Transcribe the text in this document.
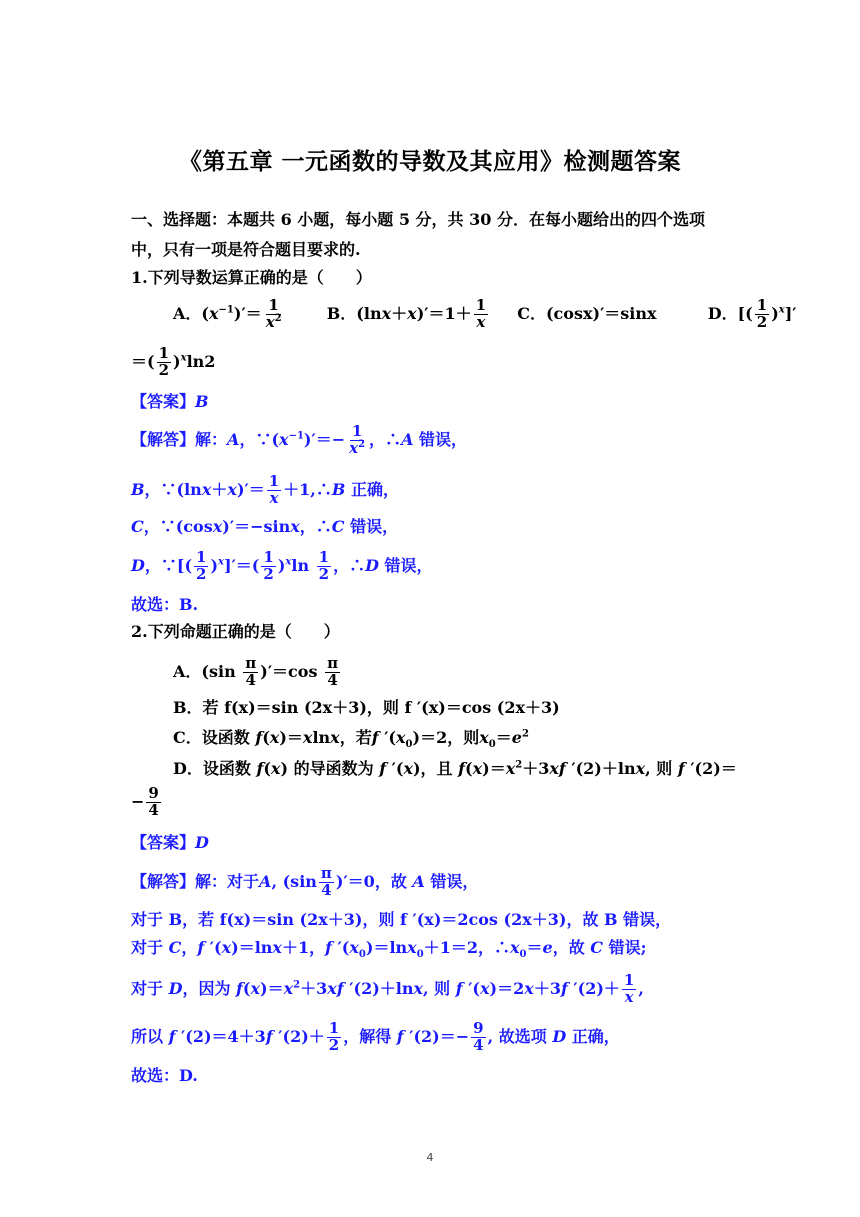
《第五章 一元函数的导数及其应用》检测题答案
一、选择题：本题共 6 小题，每小题 5 分，共 30 分．在每小题给出的四个选项
中，只有一项是符合题目要求的.
1.下列导数运算正确的是（　　）
A．$(x^{-1})'= \frac{1}{x^2}$	B．$(\ln x+x)'=1+ \frac{1}{x}$ C．(cosx)′＝sinx	D．[( $\frac{1}{2} )^x]'$
＝( $\frac{1}{2} )^x\ln 2$
【答案】B
【解答】解：A，$\because(x^{-1})'=- \frac{1}{x^2}$ ，∴A 错误，
B，∵(lnx＋x)′＝ $\frac{1}{x}$ ＋1,∴B 正确，
C，∵(cosx)′＝−sinx，∴C 错误，
D，∵[( $\frac{1}{2} )^x]'=( \frac{1}{2} )^x\ln \frac{1}{2}$ ，∴D 错误，
故选：B.
2.下列命题正确的是（　　）
A．$(\sin \frac{\pi}{4} )'=\cos \frac{\pi}{4}$
B．若 f(x)＝sin (2x＋3)，则 f ′(x)＝cos (2x＋3)
C．设函数 f(x)＝xlnx，若f $'(x_0)=2$，则$x_0=e^2$
D．设函数 f(x) 的导函数为 f ′(x)，且 $f(x)=x^2+3xf$ ′(2)＋lnx, 则 f ′(2)＝
− $\frac{9}{4}$
【答案】D
【解答】解：对于A, $(\sin \frac{\pi}{4} )'=0$，故 A 错误，
对于 B，若 f(x)＝sin (2x＋3)，则 f ′(x)＝2cos (2x＋3)，故 B 错误，
对于 C，f ′(x)＝lnx＋1，f $'(x_0)=\ln x_0+1=2$，$\therefore x_0=e$，故 C 错误;
对于 D，因为 $f(x)=x^2+3xf$ ′(2)＋lnx, 则 f ′(x)＝2x＋3f $'(2)+ \frac{1}{x}$ ,
所以 f ′(2)＝4＋3f $'(2)+ \frac{1}{2}$ ，解得 f $'(2)=- \frac{9}{4}$ , 故选项 D 正确，
故选：D.
4
